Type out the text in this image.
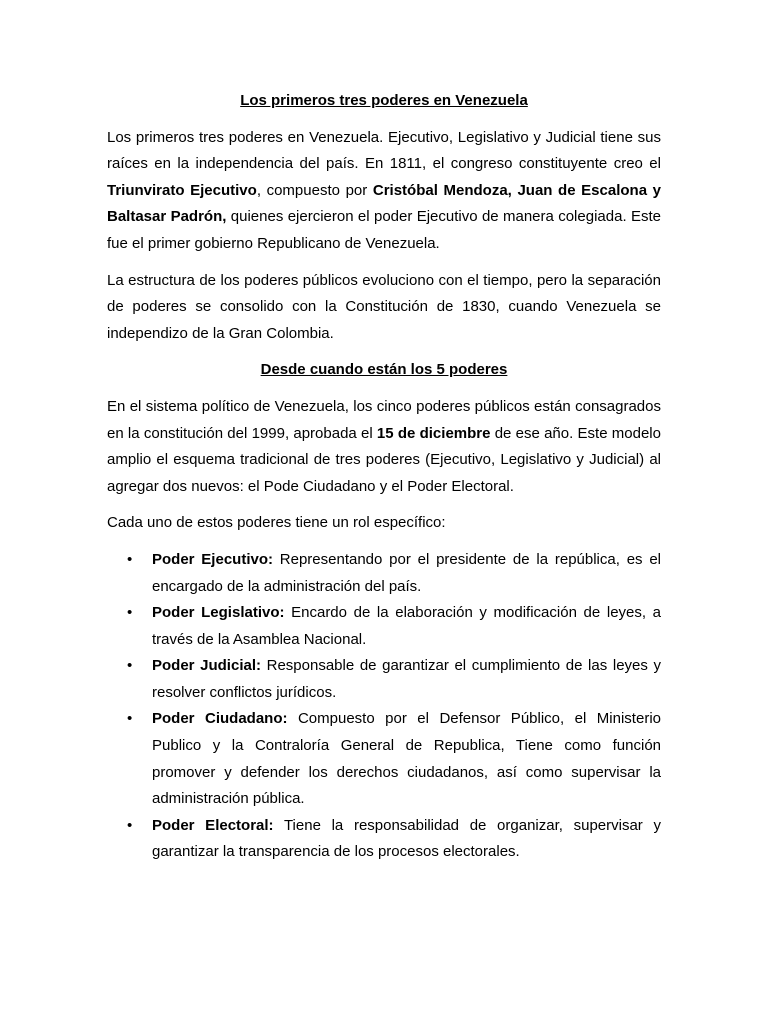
Los primeros tres poderes en Venezuela

Los primeros tres poderes en Venezuela. Ejecutivo, Legislativo y Judicial tiene sus raíces en la independencia del país. En 1811, el congreso constituyente creo el Triunvirato Ejecutivo, compuesto por Cristóbal Mendoza, Juan de Escalona y Baltasar Padrón, quienes ejercieron el poder Ejecutivo de manera colegiada. Este fue el primer gobierno Republicano de Venezuela.

La estructura de los poderes públicos evoluciono con el tiempo, pero la separación de poderes se consolido con la Constitución de 1830, cuando Venezuela se independizo de la Gran Colombia.

Desde cuando están los 5 poderes

En el sistema político de Venezuela, los cinco poderes públicos están consagrados en la constitución del 1999, aprobada el 15 de diciembre de ese año. Este modelo amplio el esquema tradicional de tres poderes (Ejecutivo, Legislativo y Judicial) al agregar dos nuevos: el Pode Ciudadano y el Poder Electoral.

Cada uno de estos poderes tiene un rol específico:

• Poder Ejecutivo: Representando por el presidente de la república, es el encargado de la administración del país.
• Poder Legislativo: Encardo de la elaboración y modificación de leyes, a través de la Asamblea Nacional.
• Poder Judicial: Responsable de garantizar el cumplimiento de las leyes y resolver conflictos jurídicos.
• Poder Ciudadano: Compuesto por el Defensor Público, el Ministerio Publico y la Contraloría General de Republica, Tiene como función promover y defender los derechos ciudadanos, así como supervisar la administración pública.
• Poder Electoral: Tiene la responsabilidad de organizar, supervisar y garantizar la transparencia de los procesos electorales.
